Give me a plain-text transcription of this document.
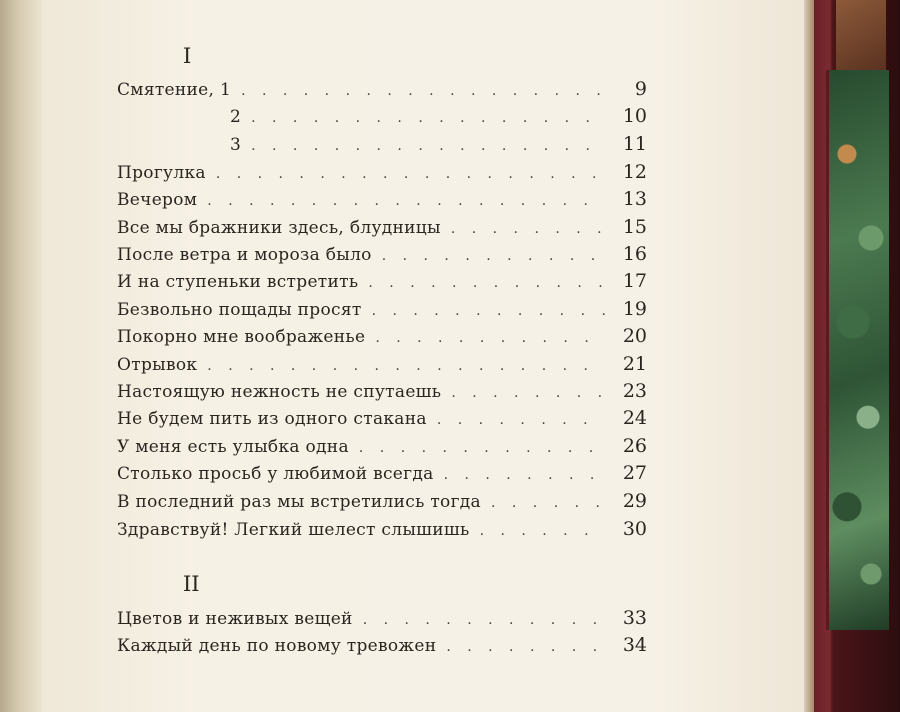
I
Смятение, 1 . . .	9
2 . . .	10
3 . . .	11
Прогулка . . .	12
Вечером . . .	13
Все мы бражники здесь, блудницы . . .	15
После ветра и мороза было . . .	16
И на ступеньки встретить . . .	17
Безвольно пощады просят . . .	19
Покорно мне воображенье . . .	20
Отрывок . . .	21
Настоящую нежность не спутаешь . . .	23
Не будем пить из одного стакана . . .	24
У меня есть улыбка одна . . .	26
Столько просьб у любимой всегда . . .	27
В последний раз мы встретились тогда . . .	29
Здравствуй! Легкий шелест слышишь . . .	30
II
Цветов и неживых вещей . . .	33
Каждый день по новому тревожен . . .	34
